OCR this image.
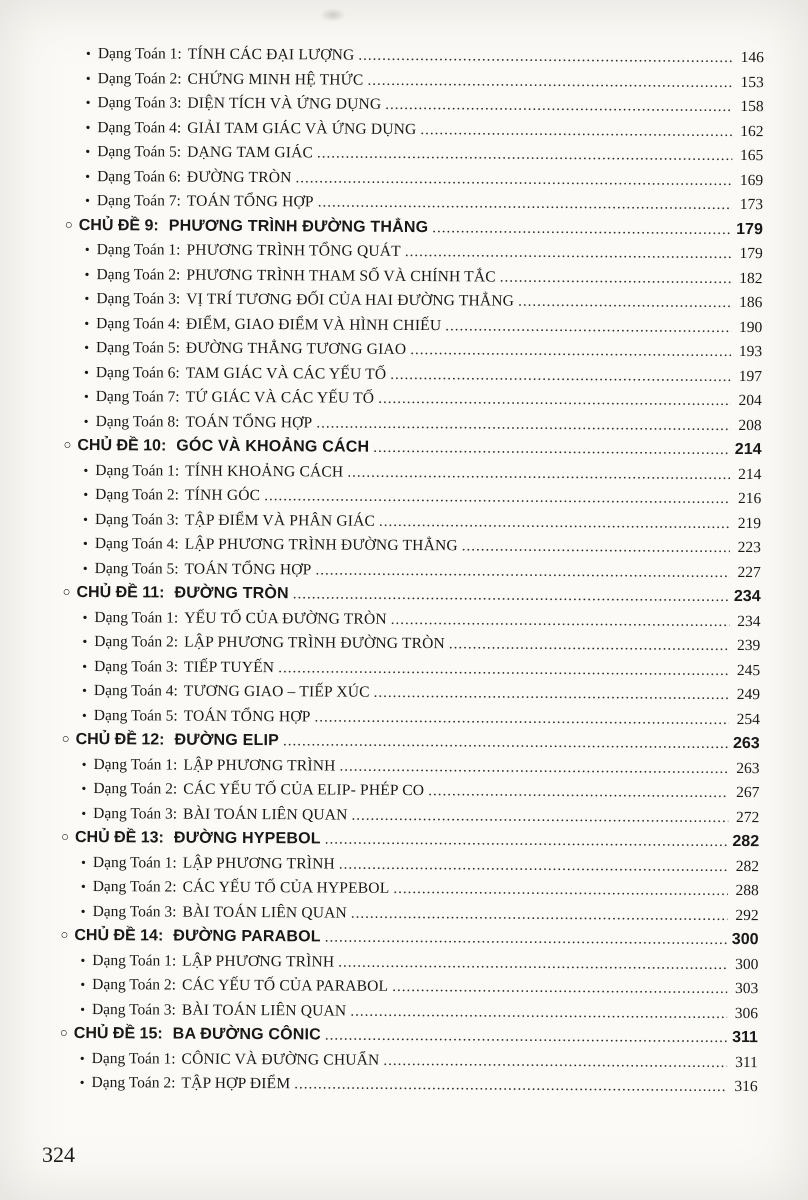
• Dạng Toán 1: TÍNH CÁC ĐẠI LƯỢNG .....	146
• Dạng Toán 2: CHỨNG MINH HỆ THỨC .....	153
• Dạng Toán 3: DIỆN TÍCH VÀ ỨNG DỤNG .....	158
• Dạng Toán 4: GIẢI TAM GIÁC VÀ ỨNG DỤNG .....	162
• Dạng Toán 5: DẠNG TAM GIÁC .....	165
• Dạng Toán 6: ĐƯỜNG TRÒN .....	169
• Dạng Toán 7: TOÁN TỔNG HỢP .....	173
○ CHỦ ĐỀ 9: PHƯƠNG TRÌNH ĐƯỜNG THẲNG .....	179
• Dạng Toán 1: PHƯƠNG TRÌNH TỔNG QUÁT .....	179
• Dạng Toán 2: PHƯƠNG TRÌNH THAM SỐ VÀ CHÍNH TẮC .....	182
• Dạng Toán 3: VỊ TRÍ TƯƠNG ĐỐI CỦA HAI ĐƯỜNG THẲNG .....	186
• Dạng Toán 4: ĐIỂM, GIAO ĐIỂM VÀ HÌNH CHIẾU .....	190
• Dạng Toán 5: ĐƯỜNG THẲNG TƯƠNG GIAO .....	193
• Dạng Toán 6: TAM GIÁC VÀ CÁC YẾU TỐ .....	197
• Dạng Toán 7: TỨ GIÁC VÀ CÁC YẾU TỐ .....	204
• Dạng Toán 8: TOÁN TỔNG HỢP .....	208
○ CHỦ ĐỀ 10: GÓC VÀ KHOẢNG CÁCH .....	214
• Dạng Toán 1: TÍNH KHOẢNG CÁCH .....	214
• Dạng Toán 2: TÍNH GÓC .....	216
• Dạng Toán 3: TẬP ĐIỂM VÀ PHÂN GIÁC .....	219
• Dạng Toán 4: LẬP PHƯƠNG TRÌNH ĐƯỜNG THẲNG .....	223
• Dạng Toán 5: TOÁN TỔNG HỢP .....	227
○ CHỦ ĐỀ 11: ĐƯỜNG TRÒN .....	234
• Dạng Toán 1: YẾU TỐ CỦA ĐƯỜNG TRÒN .....	234
• Dạng Toán 2: LẬP PHƯƠNG TRÌNH ĐƯỜNG TRÒN .....	239
• Dạng Toán 3: TIẾP TUYẾN .....	245
• Dạng Toán 4: TƯƠNG GIAO – TIẾP XÚC .....	249
• Dạng Toán 5: TOÁN TỔNG HỢP .....	254
○ CHỦ ĐỀ 12: ĐƯỜNG ELIP .....	263
• Dạng Toán 1: LẬP PHƯƠNG TRÌNH .....	263
• Dạng Toán 2: CÁC YẾU TỐ CỦA ELIP- PHÉP CO .....	267
• Dạng Toán 3: BÀI TOÁN LIÊN QUAN .....	272
○ CHỦ ĐỀ 13: ĐƯỜNG HYPEBOL .....	282
• Dạng Toán 1: LẬP PHƯƠNG TRÌNH .....	282
• Dạng Toán 2: CÁC YẾU TỐ CỦA HYPEBOL .....	288
• Dạng Toán 3: BÀI TOÁN LIÊN QUAN .....	292
○ CHỦ ĐỀ 14: ĐƯỜNG PARABOL .....	300
• Dạng Toán 1: LẬP PHƯƠNG TRÌNH .....	300
• Dạng Toán 2: CÁC YẾU TỐ CỦA PARABOL .....	303
• Dạng Toán 3: BÀI TOÁN LIÊN QUAN .....	306
○ CHỦ ĐỀ 15: BA ĐƯỜNG CÔNIC .....	311
• Dạng Toán 1: CÔNIC VÀ ĐƯỜNG CHUẨN .....	311
• Dạng Toán 2: TẬP HỢP ĐIỂM .....	316
324
